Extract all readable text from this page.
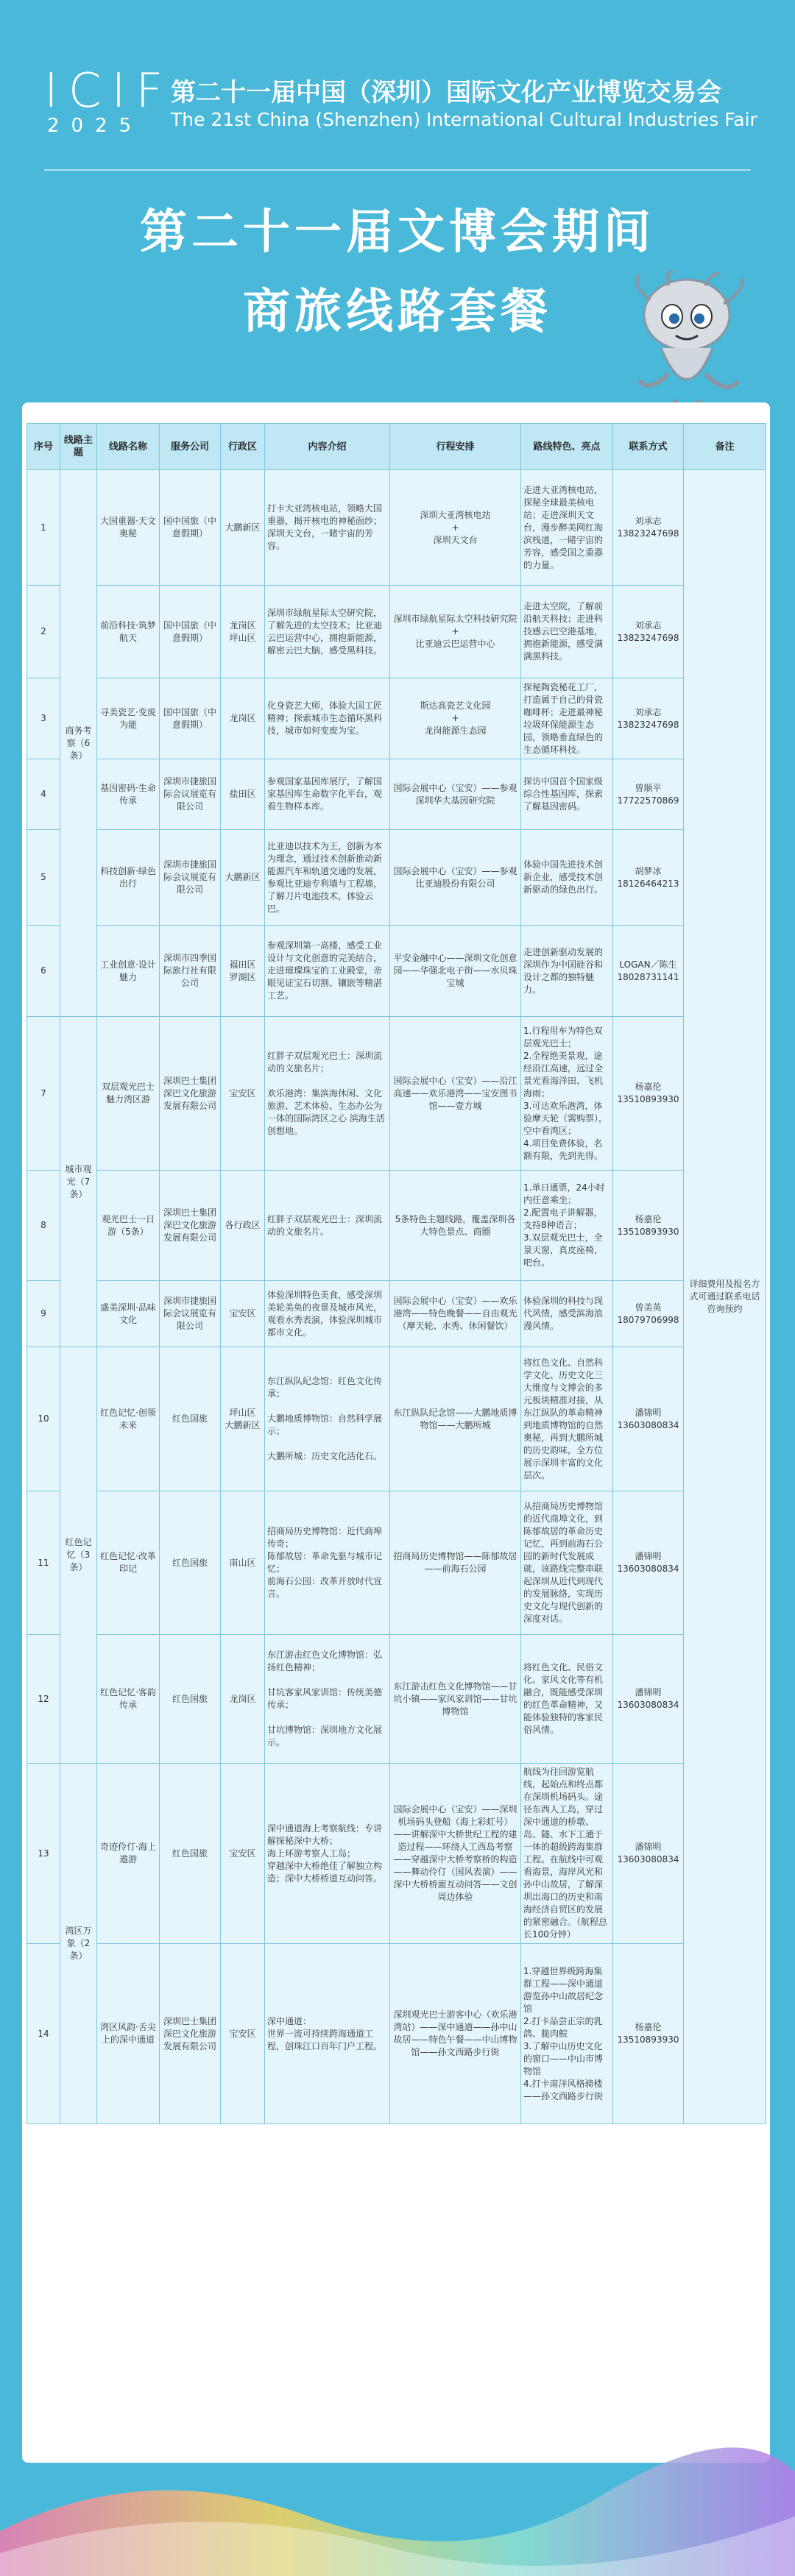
ICIF
2025
第二十一届中国（深圳）国际文化产业博览交易会
The 21st China (Shenzhen) International Cultural Industries Fair
第二十一届文博会期间
商旅线路套餐
序号	线路主题	线路名称	服务公司	行政区	内容介绍	行程安排	路线特色、亮点	联系方式	备注
1	商务考察（6条）	大国重器·天文奥秘	国中国旅（中意假期）	大鹏新区	打卡大亚湾核电站，领略大国重器，揭开核电的神秘面纱；深圳天文台，一睹宇宙的芳容。	深圳大亚湾核电站
+
深圳天文台	走进大亚湾核电站，探秘全球最美核电站；走进深圳天文台，漫步醉美网红海滨栈道，一睹宇宙的芳容，感受国之重器的力量。	刘承志
13823247698	详细费用及报名方式可通过联系电话咨询预约
2		前沿科技·筑梦航天	国中国旅（中意假期）	龙岗区
坪山区	深圳市绿航星际太空研究院，了解先进的太空技术；比亚迪云巴运营中心，拥抱新能源，解密云巴大脑，感受黑科技。	深圳市绿航星际太空科技研究院
+
比亚迪云巴运营中心	走进太空院，了解前沿航天科技；走进科技感云巴空港基地，拥抱新能源，感受满满黑科技。	刘承志
13823247698	
3		寻美瓷艺·变废为能	国中国旅（中意假期）	龙岗区	化身瓷艺大师，体验大国工匠精神；探索城市生态循环黑科技，城市如何变废为宝。	斯达高瓷艺文化园
+
龙岗能源生态园	探秘陶瓷秘花工厂，打造属于自己的骨瓷咖啡杯；走进最神秘垃圾环保能源生态园，领略垂直绿色的生态循环科技。	刘承志
13823247698	
4		基因密码·生命传承	深圳市捷旅国际会议展览有限公司	盐田区	参观国家基因库展厅，了解国家基因库生命数字化平台，观看生物样本库。	国际会展中心（宝安）——参观深圳华大基因研究院	探访中国首个国家级综合性基因库，探索了解基因密码。	曾顺平
17722570869	
5		科技创新·绿色出行	深圳市捷旅国际会议展览有限公司	大鹏新区	比亚迪以技术为王，创新为本为理念，通过技术创新推动新能源汽车和轨道交通的发展，参观比亚迪专利墙与工程墙，了解刀片电池技术，体验云巴。	国际会展中心（宝安）——参观比亚迪股份有限公司	体验中国先进技术创新企业，感受技术创新驱动的绿色出行。	胡梦冰
18126464213	
6		工业创意·设计魅力	深圳市四季国际旅行社有限公司	福田区
罗湖区	参观深圳第一高楼，感受工业设计与文化创意的完美结合，走进璀璨珠宝的工业殿堂，亲眼见证宝石切割、镶嵌等精湛工艺。	平安金融中心——深圳文化创意园——华强北电子街——水贝珠宝城	走进创新驱动发展的深圳作为中国硅谷和设计之都的独特魅力。	LOGAN／陈生
18028731141	
7	城市观光（7条）	双层观光巴士魅力湾区游	深圳巴士集团深巴文化旅游发展有限公司	宝安区	红胖子双层观光巴士：深圳流动的文旅名片；

欢乐港湾：集滨海休闲、文化旅游、艺术体验、生态办公为一体的国际湾区之心 滨海生活创想地。	国际会展中心（宝安）——沿江高速——欢乐港湾——宝安图书馆——壹方城	1.行程用车为特色双层观光巴士；
2.全程绝美景观，途经沿江高速，远过全景光看海洋田、飞机海雨；
3.可达欢乐港湾，体验摩天轮（需购票），空中看湾区；
4.项目免费体验，名额有限，先到先得。	杨嘉伦
13510893930	
8		观光巴士一日游（5条）	深圳巴士集团深巴文化旅游发展有限公司	各行政区	红胖子双层观光巴士：深圳流动的文旅名片。	5条特色主题线路，覆盖深圳各大特色景点、商圈	1.单日通票，24小时内任意乘坐；
2.配置电子讲解器，支持8种语言；
3.双层观光巴士，全景天窗，真皮座椅，吧台。	杨嘉伦
13510893930	
9		盛美深圳·品味文化	深圳市捷旅国际会议展览有限公司	宝安区	体验深圳特色美食，感受深圳美轮美奂的夜景及城市风光，观看水秀表演，体验深圳城市都市文化。	国际会展中心（宝安）——欢乐港湾——特色晚餐——自由观光（摩天轮、水秀、休闲餐饮）	体验深圳的科技与现代风情，感受滨海浪漫风情。	曾美英
18079706998	
10	红色记忆（3条）	红色记忆·创领未来	红色国旅	坪山区
大鹏新区	东江纵队纪念馆：红色文化传承；

大鹏地质博物馆：自然科学展示；

大鹏所城：历史文化活化石。	东江纵队纪念馆——大鹏地质博物馆——大鹏所城	将红色文化、自然科学文化、历史文化三大维度与文博会的多元板块精准对接，从东江纵队的革命精神到地质博物馆的自然奥秘，再到大鹏所城的历史韵味，全方位展示深圳丰富的文化层次。	潘锦明
13603080834	
11		红色记忆·改革印记	红色国旅	南山区	招商局历史博物馆：近代商埠传奇；
陈郁故居：革命先驱与城市记忆；
前海石公园：改革开放时代宣言。	招商局历史博物馆——陈郁故居——前海石公园	从招商局历史博物馆的近代商埠文化，到陈郁故居的革命历史记忆，再到前海石公园的新时代发展成就，该路线完整串联起深圳从近代到现代的发展脉络，实现历史文化与现代创新的深度对话。	潘锦明
13603080834	
12		红色记忆·客韵传承	红色国旅	龙岗区	东江游击红色文化博物馆：弘扬红色精神；

甘坑客家风家训馆：传统美德传承；

甘坑博物馆：深圳地方文化展示。	东江游击红色文化博物馆——甘坑小镇——家风家训馆——甘坑博物馆	将红色文化、民俗文化、家风文化等有机融合，既能感受深圳的红色革命精神，又能体验独特的客家民俗风情。	潘锦明
13603080834	
13	湾区万象（2条）	奇迹伶仃·海上遨游	红色国旅	宝安区	深中通道海上考察航线：专讲解探秘深中大桥；
海上环游考察人工岛；
穿越深中大桥绝佳了解独立构造；深中大桥桥道互动问答。	国际会展中心（宝安）——深圳机场码头登船（海上彩虹号）——讲解深中大桥世纪工程的建造过程——环绕人工西岛考察——穿越深中大桥考察桥的构造——舞动伶仃（国风表演）——深中大桥桥面互动问答——文创周边体验	航线为往回游览航线，起始点和终点都在深圳机场码头。途径东西人工岛，穿过深中通道的桥墩、岛、隧、水下工通于一体的超级跨海集群工程。在航线中可观看海景，海岸风光和孙中山故居，了解深圳出海口的历史和南海经济自贸区的发展的紧密融合。（航程总长100分钟）	潘锦明
13603080834	
14		湾区风韵·舌尖上的深中通道	深圳巴士集团深巴文化旅游发展有限公司	宝安区	深中通道：
世界一流可持续跨海通道工程，创珠江口百年门户工程。	深圳观光巴士游客中心（欢乐港湾站）——深中通道——孙中山故居——特色午餐——中山博物馆——孙文西路步行街	1.穿越世界级跨海集群工程——深中通道游览孙中山故居纪念馆
2.打卡品尝正宗的乳鸽、脆肉鲩
3.了解中山历史文化的窗口——中山市博物馆
4.打卡南洋风格骑楼——孙文西路步行街	杨嘉伦
13510893930	
